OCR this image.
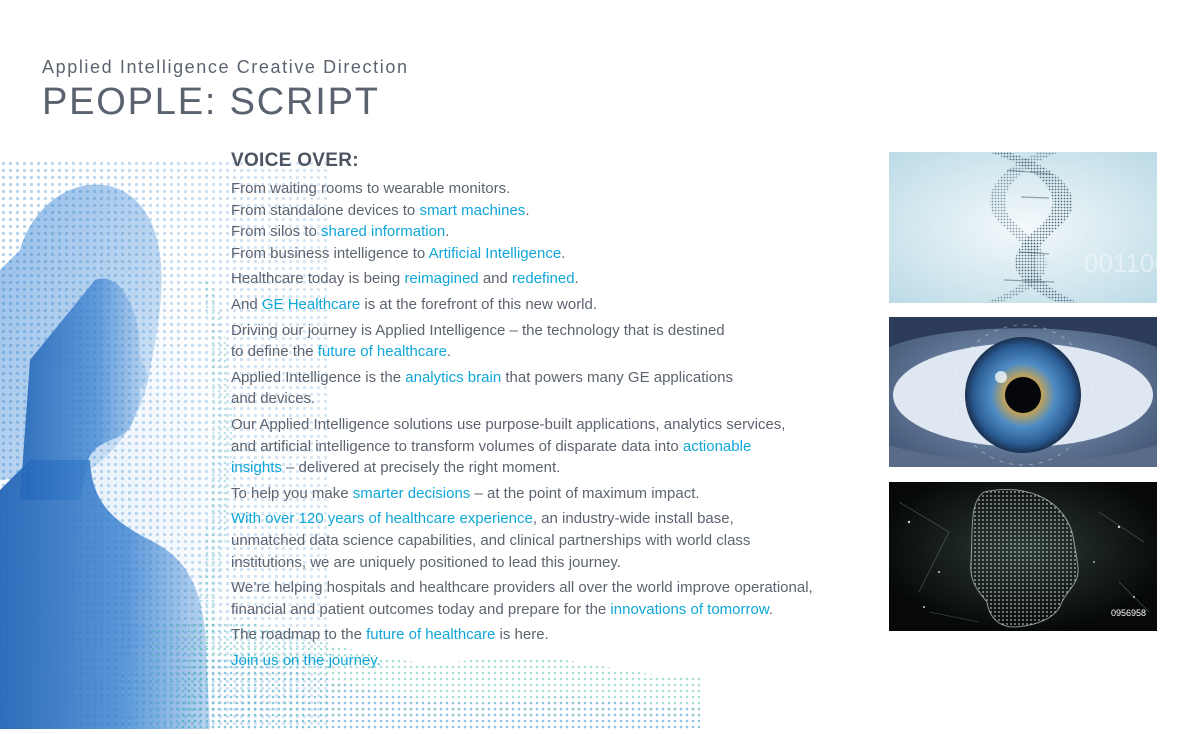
Applied Intelligence Creative Direction
PEOPLE: SCRIPT
VOICE OVER:
From waiting rooms to wearable monitors.
From standalone devices to smart machines.
From silos to shared information.
From business intelligence to Artificial Intelligence.
Healthcare today is being reimagined and redefined.
And GE Healthcare is at the forefront of this new world.
Driving our journey is Applied Intelligence – the technology that is destined
to define the future of healthcare.
Applied Intelligence is the analytics brain that powers many GE applications
and devices.
Our Applied Intelligence solutions use purpose-built applications, analytics services,
and artificial intelligence to transform volumes of disparate data into actionable
insights – delivered at precisely the right moment.
To help you make smarter decisions – at the point of maximum impact.
With over 120 years of healthcare experience, an industry-wide install base,
unmatched data science capabilities, and clinical partnerships with world class
institutions, we are uniquely positioned to lead this journey.
We’re helping hospitals and healthcare providers all over the world improve operational,
financial and patient outcomes today and prepare for the innovations of tomorrow.
The roadmap to the future of healthcare is here.
Join us on the journey.
0011000
0956958
